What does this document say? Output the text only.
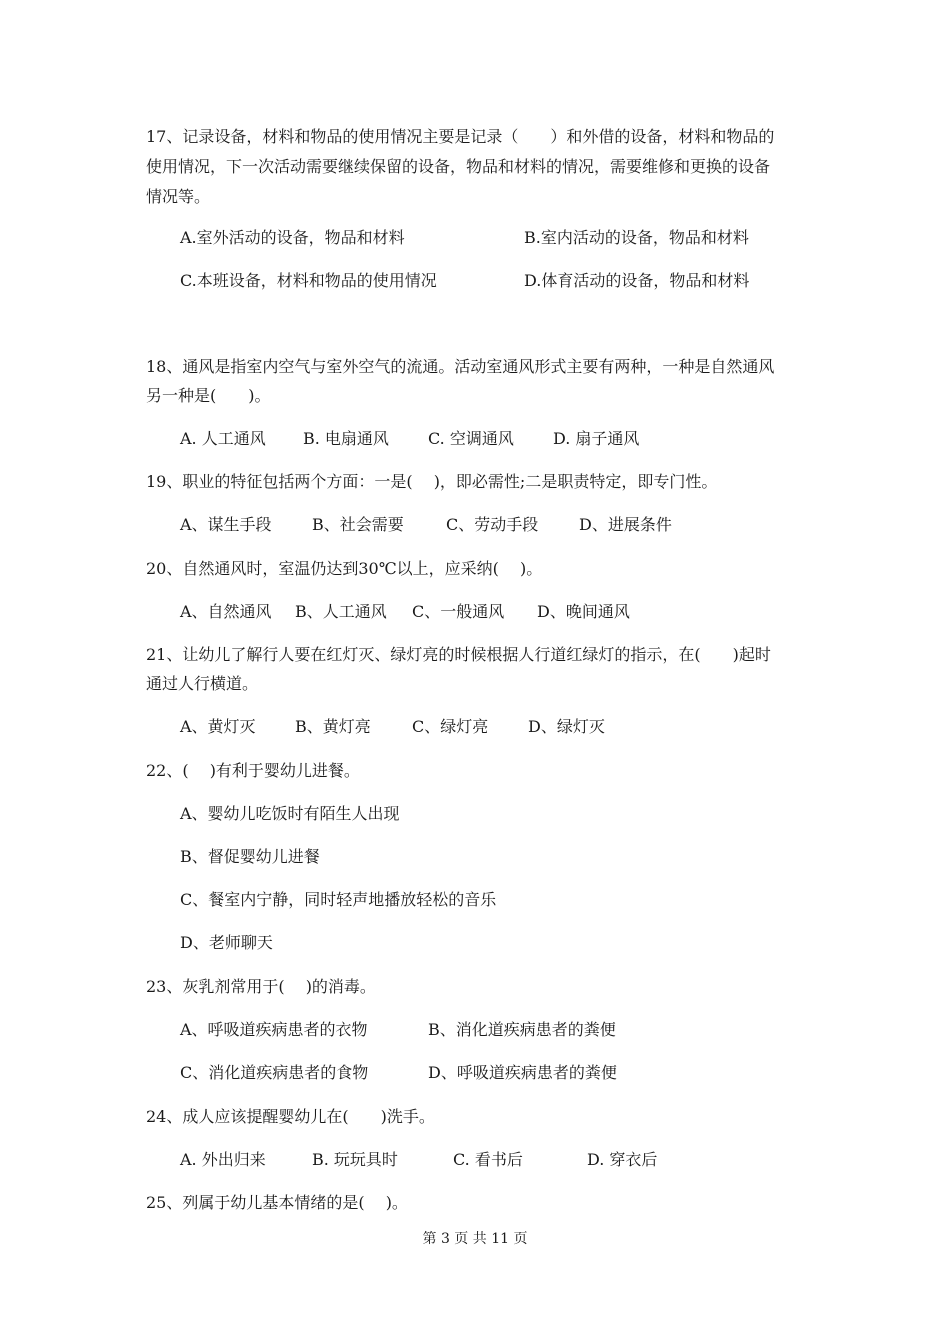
17、记录设备，材料和物品的使用情况主要是记录（　　）和外借的设备，材料和物品的
使用情况，下一次活动需要继续保留的设备，物品和材料的情况，需要维修和更换的设备
情况等。
A.室外活动的设备，物品和材料	B.室内活动的设备，物品和材料
C.本班设备，材料和物品的使用情况	D.体育活动的设备，物品和材料
18、通风是指室内空气与室外空气的流通。活动室通风形式主要有两种，一种是自然通风
另一种是(　　)。
A. 人工通风 B. 电扇通风 C. 空调通风 D. 扇子通风
19、职业的特征包括两个方面：一是(　 )，即必需性;二是职责特定，即专门性。
A、谋生手段	B、社会需要	C、劳动手段	D、进展条件
20、自然通风时，室温仍达到30℃以上，应采纳(　 )。
A、自然通风 B、人工通风 C、一般通风 D、晚间通风
21、让幼儿了解行人要在红灯灭、绿灯亮的时候根据人行道红绿灯的指示，在(　　)起时
通过人行横道。
A、黄灯灭 B、黄灯亮	C、绿灯亮 D、绿灯灭
22、(　 )有利于婴幼儿进餐。
A、婴幼儿吃饭时有陌生人出现
B、督促婴幼儿进餐
C、餐室内宁静，同时轻声地播放轻松的音乐
D、老师聊天
23、灰乳剂常用于(　 )的消毒。
A、呼吸道疾病患者的衣物	B、消化道疾病患者的粪便
C、消化道疾病患者的食物	D、呼吸道疾病患者的粪便
24、成人应该提醒婴幼儿在(　　)洗手。
A. 外出归来	B. 玩玩具时	C. 看书后	D. 穿衣后
25、列属于幼儿基本情绪的是(　 )。
第 3 页 共 11 页
